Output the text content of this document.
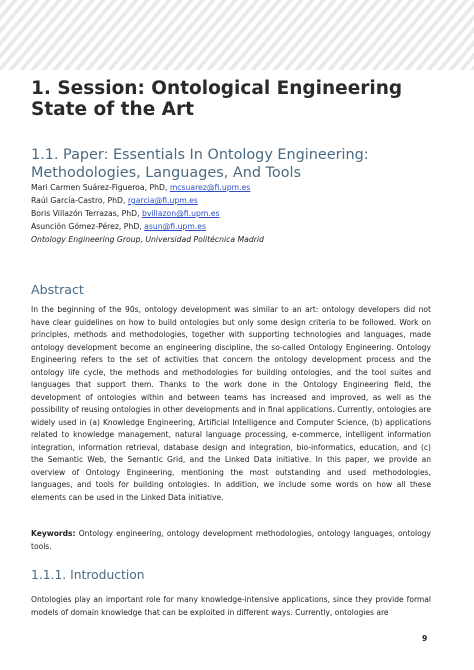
1. Session: Ontological Engineering
State of the Art
1.1. Paper: Essentials In Ontology Engineering:
Methodologies, Languages, And Tools
Mari Carmen Suárez-Figueroa, PhD, mcsuarez@fi.upm.es
Raúl García-Castro, PhD, rgarcia@fi.upm.es
Boris Villazón Terrazas, PhD, bvillazon@fi.upm.es
Asunción Gómez-Pérez, PhD, asun@fi.upm.es
Ontology Engineering Group, Universidad Politécnica Madrid
Abstract
In the beginning of the 90s, ontology development was similar to an art: ontology developers did not have clear guidelines on how to build ontologies but only some design criteria to be followed. Work on principles, methods and methodologies, together with supporting technologies and languages, made ontology development become an engineering discipline, the so-called Ontology Engineering. Ontology Engineering refers to the set of activities that concern the ontology development process and the ontology life cycle, the methods and methodologies for building ontologies, and the tool suites and languages that support them. Thanks to the work done in the Ontology Engineering field, the development of ontologies within and between teams has increased and improved, as well as the possibility of reusing ontologies in other developments and in final applications. Currently, ontologies are widely used in (a) Knowledge Engineering, Artificial Intelligence and Computer Science, (b) applications related to knowledge management, natural language processing, e-commerce, intelligent information integration, information retrieval, database design and integration, bio-informatics, education, and (c) the Semantic Web, the Semantic Grid, and the Linked Data initiative. In this paper, we provide an overview of Ontology Engineering, mentioning the most outstanding and used methodologies, languages, and tools for building ontologies. In addition, we include some words on how all these elements can be used in the Linked Data initiative.
Keywords: Ontology engineering, ontology development methodologies, ontology languages, ontology tools.
1.1.1. Introduction
Ontologies play an important role for many knowledge-intensive applications, since they provide formal models of domain knowledge that can be exploited in different ways. Currently, ontologies are
9
